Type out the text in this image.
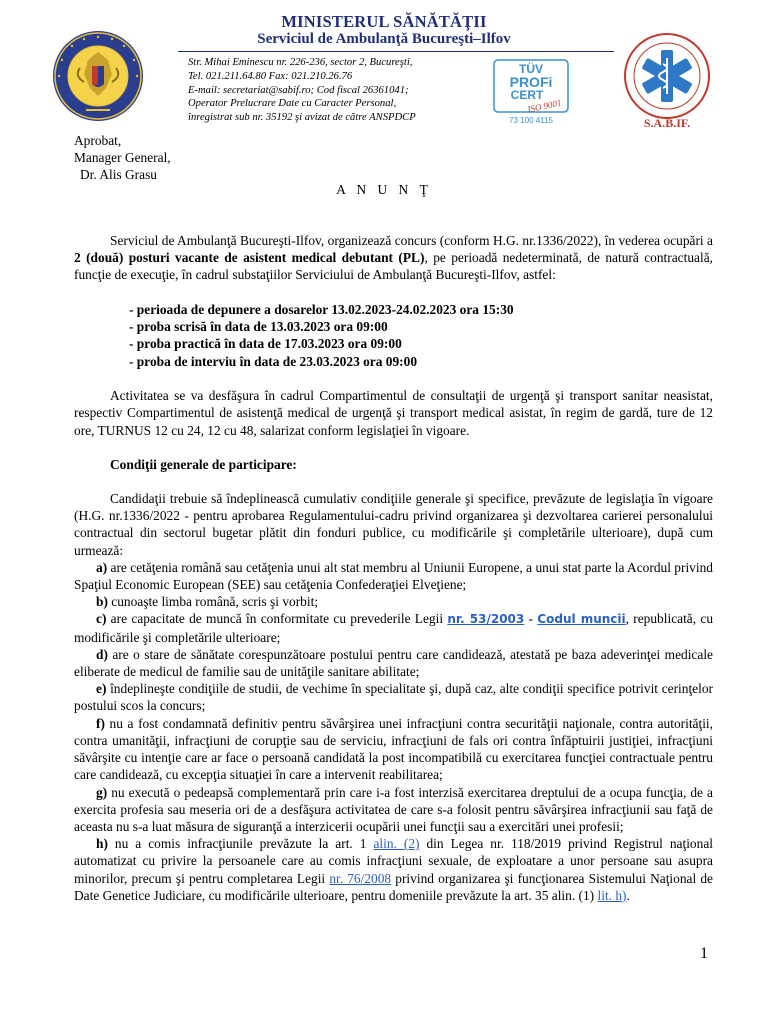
MINISTERUL SĂNĂTĂŢII
Serviciul de Ambulanţă Bucureşti–Ilfov
Str. Mihai Eminescu nr. 226-236, sector 2, Bucureşti,
Tel. 021.211.64.80 Fax: 021.210.26.76
E-mail: secretariat@sabif.ro; Cod fiscal 26361041;
Operator Prelucrare Date cu Caracter Personal,
înregistrat sub nr. 35192 şi avizat de către ANSPDCP
TÜV
PROFi
CERT
ISO 9001
73 100 4115	S.A.B.IF.
Aprobat,
Manager General,
Dr. Alis Grasu
A N U N Ţ

Serviciul de Ambulanţă Bucureşti-Ilfov, organizează concurs (conform H.G. nr.1336/2022), în vederea ocupări a 2 (două) posturi vacante de asistent medical debutant (PL), pe perioadă nedeterminată, de natură contractuală, funcţie de execuţie, în cadrul substaţiilor Serviciului de Ambulanţă Bucureşti-Ilfov, astfel:

- perioada de depunere a dosarelor 13.02.2023-24.02.2023 ora 15:30
- proba scrisă în data de 13.03.2023 ora 09:00
- proba practică în data de 17.03.2023 ora 09:00
- proba de interviu în data de 23.03.2023 ora 09:00

Activitatea se va desfăşura în cadrul Compartimentul de consultaţii de urgenţă şi transport sanitar neasistat, respectiv Compartimentul de asistenţă medical de urgenţă şi transport medical asistat, în regim de gardă, ture de 12 ore, TURNUS 12 cu 24, 12 cu 48, salarizat conform legislaţiei în vigoare.

Condiţii generale de participare:

Candidaţii trebuie să îndeplinească cumulativ condiţiile generale şi specifice, prevăzute de legislaţia în vigoare (H.G. nr.1336/2022 - pentru aprobarea Regulamentului-cadru privind organizarea şi dezvoltarea carierei personalului contractual din sectorul bugetar plătit din fonduri publice, cu modificările şi completările ulterioare), după cum urmează:

a) are cetăţenia română sau cetăţenia unui alt stat membru al Uniunii Europene, a unui stat parte la Acordul privind Spaţiul Economic European (SEE) sau cetăţenia Confederaţiei Elveţiene;

b) cunoaşte limba română, scris şi vorbit;

c) are capacitate de muncă în conformitate cu prevederile Legii nr. 53/2003 - Codul muncii, republicată, cu modificările şi completările ulterioare;

d) are o stare de sănătate corespunzătoare postului pentru care candidează, atestată pe baza adeverinţei medicale eliberate de medicul de familie sau de unităţile sanitare abilitate;

e) îndeplineşte condiţiile de studii, de vechime în specialitate şi, după caz, alte condiţii specifice potrivit cerinţelor postului scos la concurs;

f) nu a fost condamnată definitiv pentru săvârşirea unei infracţiuni contra securităţii naţionale, contra autorităţii, contra umanităţii, infracţiuni de corupţie sau de serviciu, infracţiuni de fals ori contra înfăptuirii justiţiei, infracţiuni săvârşite cu intenţie care ar face o persoană candidată la post incompatibilă cu exercitarea funcţiei contractuale pentru care candidează, cu excepţia situaţiei în care a intervenit reabilitarea;

g) nu execută o pedeapsă complementară prin care i-a fost interzisă exercitarea dreptului de a ocupa funcţia, de a exercita profesia sau meseria ori de a desfăşura activitatea de care s-a folosit pentru săvârşirea infracţiunii sau faţă de aceasta nu s-a luat măsura de siguranţă a interzicerii ocupării unei funcţii sau a exercitări unei profesii;

h) nu a comis infracţiunile prevăzute la art. 1 alin. (2) din Legea nr. 118/2019 privind Registrul naţional automatizat cu privire la persoanele care au comis infracţiuni sexuale, de exploatare a unor persoane sau asupra minorilor, precum şi pentru completarea Legii nr. 76/2008 privind organizarea şi funcţionarea Sistemului Naţional de Date Genetice Judiciare, cu modificările ulterioare, pentru domeniile prevăzute la art. 35 alin. (1) lit. h).

1
